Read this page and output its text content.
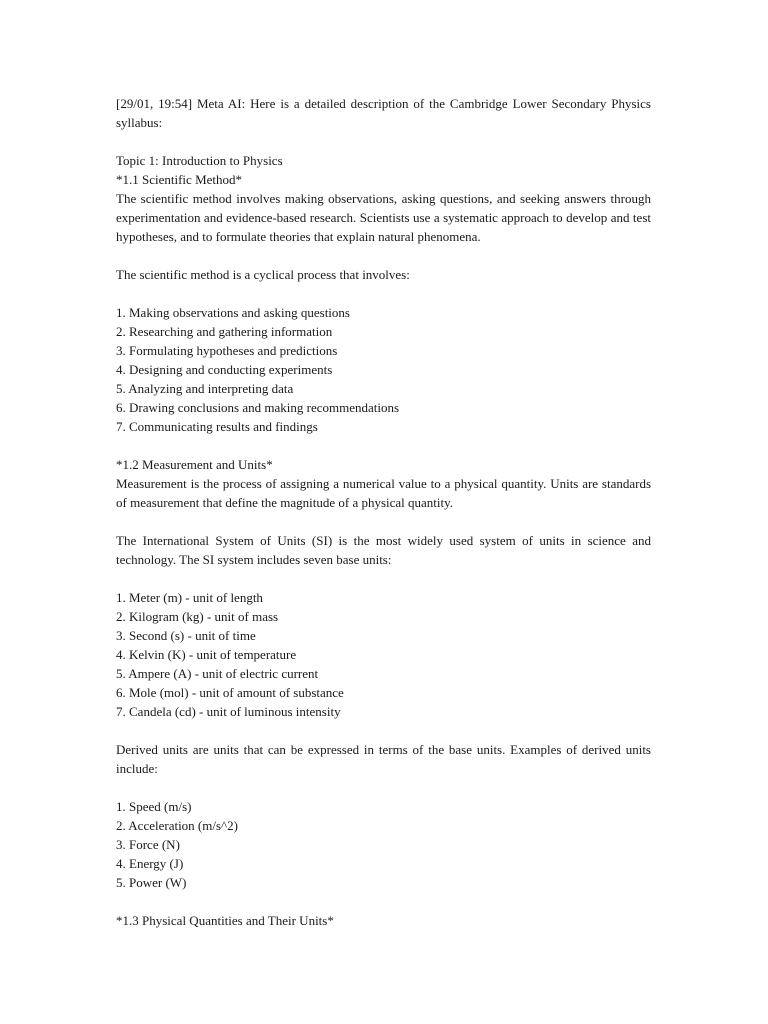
[29/01, 19:54] Meta AI: Here is a detailed description of the Cambridge Lower Secondary Physics syllabus:

Topic 1: Introduction to Physics

*1.1 Scientific Method*

The scientific method involves making observations, asking questions, and seeking answers through experimentation and evidence-based research. Scientists use a systematic approach to develop and test hypotheses, and to formulate theories that explain natural phenomena.

The scientific method is a cyclical process that involves:

1. Making observations and asking questions
2. Researching and gathering information
3. Formulating hypotheses and predictions
4. Designing and conducting experiments
5. Analyzing and interpreting data
6. Drawing conclusions and making recommendations
7. Communicating results and findings

*1.2 Measurement and Units*

Measurement is the process of assigning a numerical value to a physical quantity. Units are standards of measurement that define the magnitude of a physical quantity.

The International System of Units (SI) is the most widely used system of units in science and technology. The SI system includes seven base units:

1. Meter (m) - unit of length
2. Kilogram (kg) - unit of mass
3. Second (s) - unit of time
4. Kelvin (K) - unit of temperature
5. Ampere (A) - unit of electric current
6. Mole (mol) - unit of amount of substance
7. Candela (cd) - unit of luminous intensity

Derived units are units that can be expressed in terms of the base units. Examples of derived units include:

1. Speed (m/s)
2. Acceleration (m/s^2)
3. Force (N)
4. Energy (J)
5. Power (W)

*1.3 Physical Quantities and Their Units*
